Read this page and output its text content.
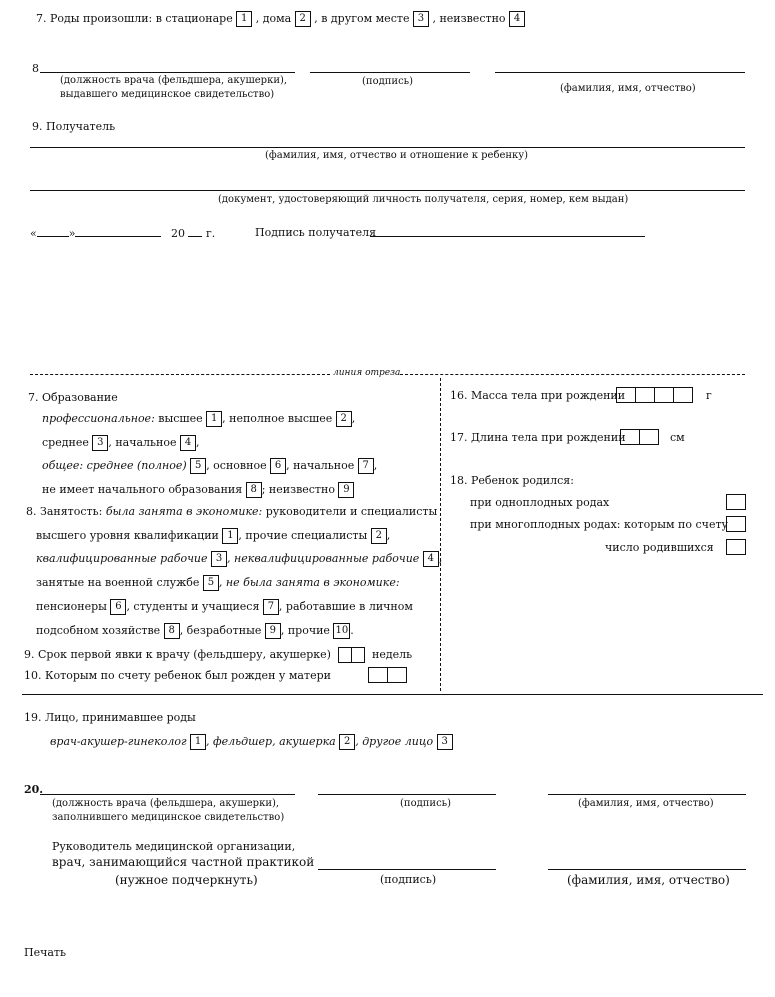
7. Роды произошли: в стационаре 1 , дома 2 , в другом месте 3 , неизвестно 4
8
(должность врача (фельдшера, акушерки),
выдавшего медицинское свидетельство)
(подпись)
(фамилия, имя, отчество)
9. Получатель
(фамилия, имя, отчество и отношение к ребенку)
(документ, удостоверяющий личность получателя, серия, номер, кем выдан)
«	»	20 г.	Подпись получателя
линия отреза
7. Образование
профессиональное: высшее 1 , неполное высшее 2 ,
среднее 3 , начальное 4 ,
общее: среднее (полное) 5 , основное 6 , начальное 7 ,
не имеет начального образования 8 ; неизвестно 9
8. Занятость: была занята в экономике: руководители и специалисты
высшего уровня квалификации 1 , прочие специалисты 2 ,
квалифицированные рабочие 3 , неквалифицированные рабочие 4 ,
занятые на военной службе 5 , не была занята в экономике:
пенсионеры 6 , студенты и учащиеся 7 , работавшие в личном
подсобном хозяйстве 8 , безработные 9 , прочие 10 .
9. Срок первой явки к врачу (фельдшеру, акушерке)	недель
10. Которым по счету ребенок был рожден у матери
16. Масса тела при рождении	г
17. Длина тела при рождении	см
18. Ребенок родился:
при одноплодных родах
при многоплодных родах: которым по счету
число родившихся
19. Лицо, принимавшее роды
врач-акушер-гинеколог 1 , фельдшер, акушерка 2 , другое лицо 3
20.
(должность врача (фельдшера, акушерки),
заполнившего медицинское свидетельство)
(подпись)	(фамилия, имя, отчество)
Руководитель медицинской организации,
врач, занимающийся частной практикой
(нужное подчеркнуть)	(подпись)	(фамилия, имя, отчество)
Печать
